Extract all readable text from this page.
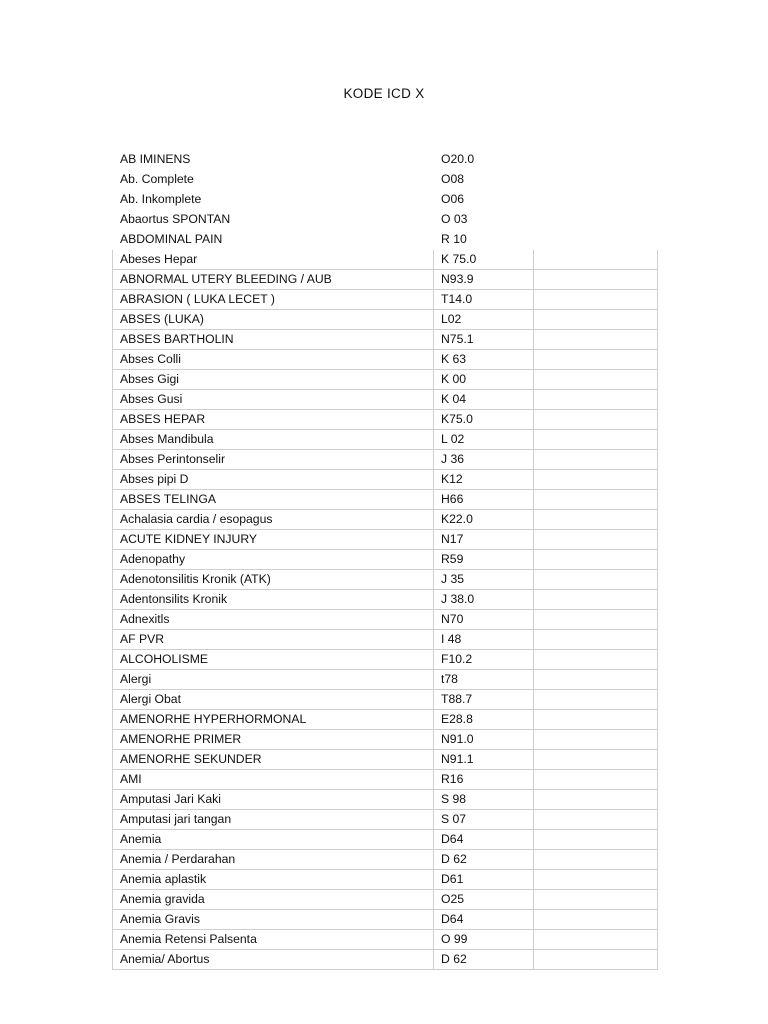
KODE ICD X
AB IMINENS	O20.0	
Ab. Complete	O08	
Ab. Inkomplete	O06	
Abaortus SPONTAN	O 03	
ABDOMINAL PAIN	R 10	
Abeses Hepar	K 75.0	
ABNORMAL UTERY BLEEDING / AUB	N93.9	
ABRASION ( LUKA LECET )	T14.0	
ABSES (LUKA)	L02	
ABSES BARTHOLIN	N75.1	
Abses Colli	K 63	
Abses Gigi	K 00	
Abses Gusi	K 04	
ABSES HEPAR	K75.0	
Abses Mandibula	L 02	
Abses Perintonselir	J 36	
Abses pipi D	K12	
ABSES TELINGA	H66	
Achalasia cardia / esopagus	K22.0	
ACUTE KIDNEY INJURY	N17	
Adenopathy	R59	
Adenotonsilitis Kronik (ATK)	J 35	
Adentonsilits Kronik	J 38.0	
Adnexitls	N70	
AF PVR	I 48	
ALCOHOLISME	F10.2	
Alergi	t78	
Alergi Obat	T88.7	
AMENORHE HYPERHORMONAL	E28.8	
AMENORHE PRIMER	N91.0	
AMENORHE SEKUNDER	N91.1	
AMI	R16	
Amputasi Jari Kaki	S 98	
Amputasi jari tangan	S 07	
Anemia	D64	
Anemia / Perdarahan	D 62	
Anemia aplastik	D61	
Anemia gravida	O25	
Anemia Gravis	D64	
Anemia Retensi Palsenta	O 99	
Anemia/ Abortus	D 62	
